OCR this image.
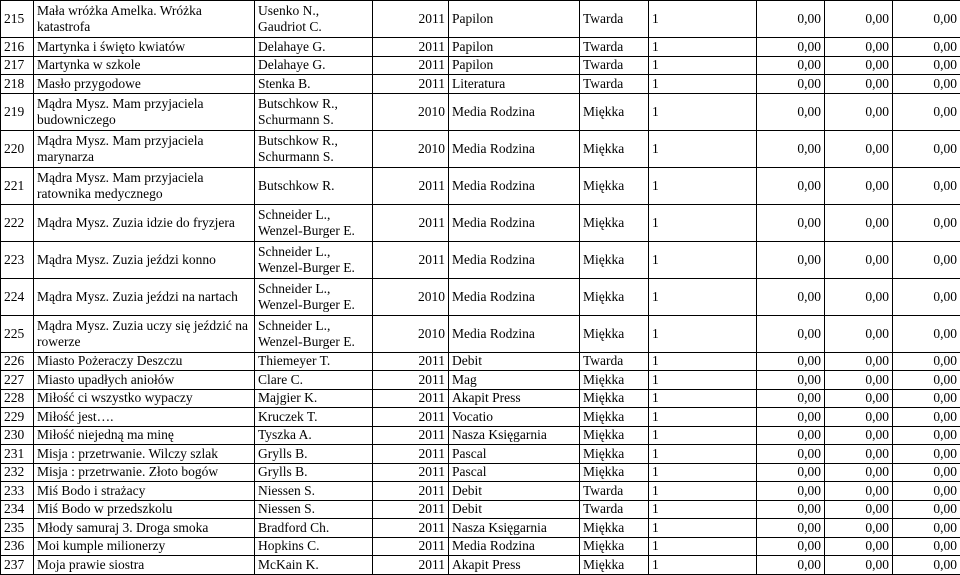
215	Mała wróżka Amelka. Wróżka katastrofa	Usenko N., Gaudriot C.	2011	Papilon	Twarda	1	0,00	0,00	0,00
216	Martynka i święto kwiatów	Delahaye G.	2011	Papilon	Twarda	1	0,00	0,00	0,00
217	Martynka w szkole	Delahaye G.	2011	Papilon	Twarda	1	0,00	0,00	0,00
218	Masło przygodowe	Stenka B.	2011	Literatura	Twarda	1	0,00	0,00	0,00
219	Mądra Mysz. Mam przyjaciela budowniczego	Butschkow R., Schurmann S.	2010	Media Rodzina	Miękka	1	0,00	0,00	0,00
220	Mądra Mysz. Mam przyjaciela marynarza	Butschkow R., Schurmann S.	2010	Media Rodzina	Miękka	1	0,00	0,00	0,00
221	Mądra Mysz. Mam przyjaciela ratownika medycznego	Butschkow R.	2011	Media Rodzina	Miękka	1	0,00	0,00	0,00
222	Mądra Mysz. Zuzia idzie do fryzjera	Schneider L., Wenzel-Burger E.	2011	Media Rodzina	Miękka	1	0,00	0,00	0,00
223	Mądra Mysz. Zuzia jeździ konno	Schneider L., Wenzel-Burger E.	2011	Media Rodzina	Miękka	1	0,00	0,00	0,00
224	Mądra Mysz. Zuzia jeździ na nartach	Schneider L., Wenzel-Burger E.	2010	Media Rodzina	Miękka	1	0,00	0,00	0,00
225	Mądra Mysz. Zuzia uczy się jeździć na rowerze	Schneider L., Wenzel-Burger E.	2010	Media Rodzina	Miękka	1	0,00	0,00	0,00
226	Miasto Pożeraczy Deszczu	Thiemeyer T.	2011	Debit	Twarda	1	0,00	0,00	0,00
227	Miasto upadłych aniołów	Clare C.	2011	Mag	Miękka	1	0,00	0,00	0,00
228	Miłość ci wszystko wypaczy	Majgier K.	2011	Akapit Press	Miękka	1	0,00	0,00	0,00
229	Miłość jest….	Kruczek T.	2011	Vocatio	Miękka	1	0,00	0,00	0,00
230	Miłość niejedną ma minę	Tyszka A.	2011	Nasza Księgarnia	Miękka	1	0,00	0,00	0,00
231	Misja : przetrwanie. Wilczy szlak	Grylls B.	2011	Pascal	Miękka	1	0,00	0,00	0,00
232	Misja : przetrwanie. Złoto bogów	Grylls B.	2011	Pascal	Miękka	1	0,00	0,00	0,00
233	Miś Bodo i strażacy	Niessen S.	2011	Debit	Twarda	1	0,00	0,00	0,00
234	Miś Bodo w przedszkolu	Niessen S.	2011	Debit	Twarda	1	0,00	0,00	0,00
235	Młody samuraj 3. Droga smoka	Bradford Ch.	2011	Nasza Księgarnia	Miękka	1	0,00	0,00	0,00
236	Moi kumple milionerzy	Hopkins C.	2011	Media Rodzina	Miękka	1	0,00	0,00	0,00
237	Moja prawie siostra	McKain K.	2011	Akapit Press	Miękka	1	0,00	0,00	0,00
